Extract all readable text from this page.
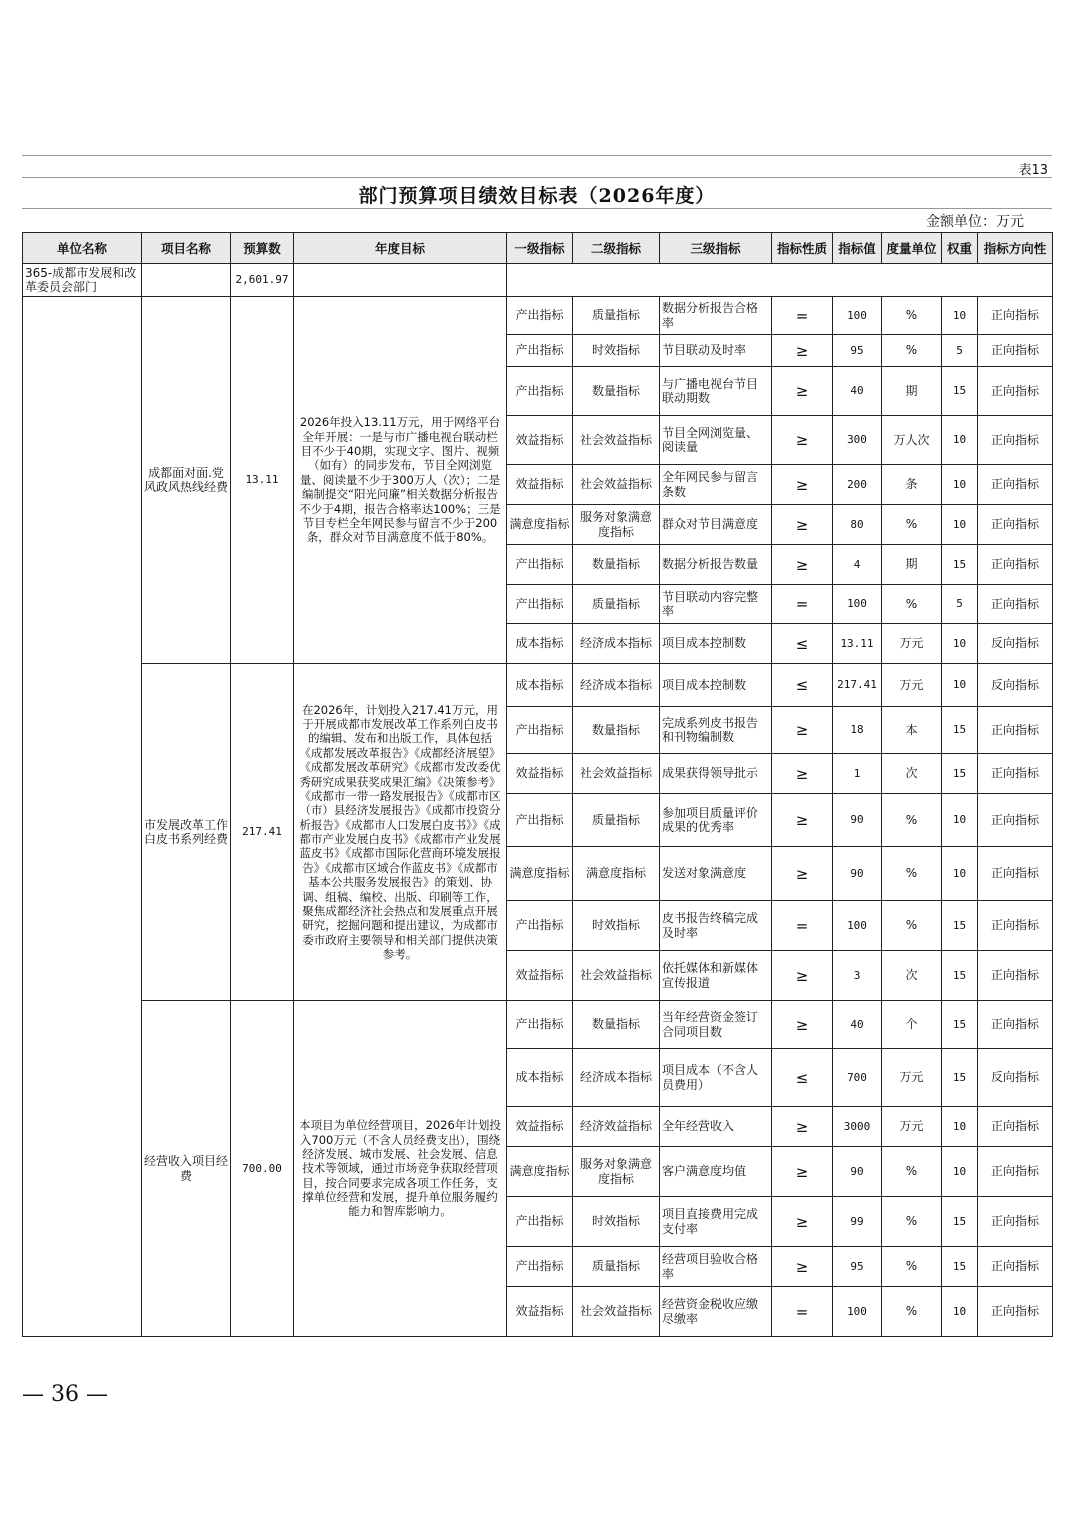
表13
部门预算项目绩效目标表（2026年度）
金额单位：万元
单位名称	项目名称	预算数	年度目标	一级指标	二级指标	三级指标	指标性质	指标值	度量单位	权重	指标方向性
365-成都市发展和改革委员会部门		2,601.97									
	成都面对面.党风政风热线经费	13.11	2026年投入13.11万元，用于网络平台全年开展：一是与市广播电视台联动栏目不少于40期，实现文字、图片、视频（如有）的同步发布，节目全网浏览量、阅读量不少于300万人（次）；二是编制提交“阳光问廉”相关数据分析报告不少于4期，报告合格率达100%；三是节目专栏全年网民参与留言不少于200条，群众对节目满意度不低于80%。	产出指标	质量指标	数据分析报告合格率	=	100	%	10	正向指标
				产出指标	时效指标	节目联动及时率	≥	95	%	5	正向指标
				产出指标	数量指标	与广播电视台节目联动期数	≥	40	期	15	正向指标
				效益指标	社会效益指标	节目全网浏览量、阅读量	≥	300	万人次	10	正向指标
				效益指标	社会效益指标	全年网民参与留言条数	≥	200	条	10	正向指标
				满意度指标	服务对象满意度指标	群众对节目满意度	≥	80	%	10	正向指标
				产出指标	数量指标	数据分析报告数量	≥	4	期	15	正向指标
				产出指标	质量指标	节目联动内容完整率	=	100	%	5	正向指标
				成本指标	经济成本指标	项目成本控制数	≤	13.11	万元	10	反向指标
	市发展改革工作白皮书系列经费	217.41	在2026年，计划投入217.41万元，用于开展成都市发展改革工作系列白皮书的编辑、发布和出版工作，具体包括《成都发展改革报告》《成都经济展望》《成都发展改革研究》《成都市发改委优秀研究成果获奖成果汇编》《决策参考》《成都市一带一路发展报告》《成都市区（市）县经济发展报告》《成都市投资分析报告》《成都市人口发展白皮书》》《成都市产业发展白皮书》《成都市产业发展蓝皮书》《成都市国际化营商环境发展报告》《成都市区域合作蓝皮书》《成都市基本公共服务发展报告》的策划、协调、组稿、编校、出版、印刷等工作，聚焦成都经济社会热点和发展重点开展研究，挖掘问题和提出建议，为成都市委市政府主要领导和相关部门提供决策参考。	成本指标	经济成本指标	项目成本控制数	≤	217.41	万元	10	反向指标
				产出指标	数量指标	完成系列皮书报告和刊物编制数	≥	18	本	15	正向指标
				效益指标	社会效益指标	成果获得领导批示	≥	1	次	15	正向指标
				产出指标	质量指标	参加项目质量评价成果的优秀率	≥	90	%	10	正向指标
				满意度指标	满意度指标	发送对象满意度	≥	90	%	10	正向指标
				产出指标	时效指标	皮书报告终稿完成及时率	=	100	%	15	正向指标
				效益指标	社会效益指标	依托媒体和新媒体宣传报道	≥	3	次	15	正向指标
	经营收入项目经费	700.00	本项目为单位经营项目，2026年计划投入700万元（不含人员经费支出），围绕经济发展、城市发展、社会发展、信息技术等领域，通过市场竞争获取经营项目，按合同要求完成各项工作任务，支撑单位经营和发展，提升单位服务履约能力和智库影响力。	产出指标	数量指标	当年经营资金签订合同项目数	≥	40	个	15	正向指标
				成本指标	经济成本指标	项目成本（不含人员费用）	≤	700	万元	15	反向指标
				效益指标	经济效益指标	全年经营收入	≥	3000	万元	10	正向指标
				满意度指标	服务对象满意度指标	客户满意度均值	≥	90	%	10	正向指标
				产出指标	时效指标	项目直接费用完成支付率	≥	99	%	15	正向指标
				产出指标	质量指标	经营项目验收合格率	≥	95	%	15	正向指标
				效益指标	社会效益指标	经营资金税收应缴尽缴率	=	100	%	10	正向指标
— 36 —
